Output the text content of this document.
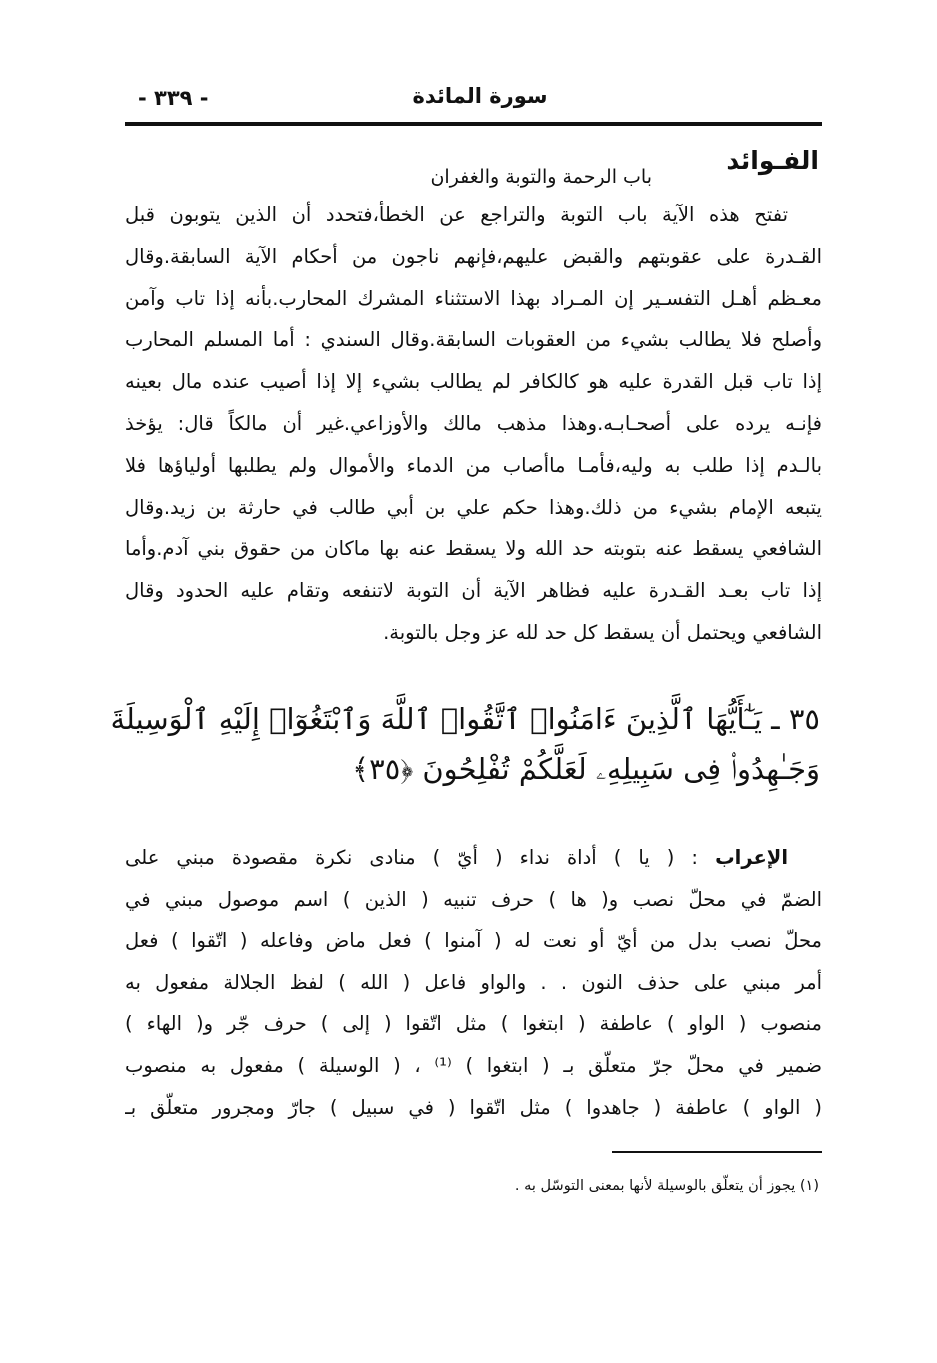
سورة المائدة
- ٣٣٩ -
الفـوائد
باب الرحمة والتوبة والغفران
تفتح هذه الآية باب التوبة والتراجع عن الخطأ،فتحدد أن الذين يتوبون قبل
القـدرة على عقوبتهم والقبض عليهم،فإنهم ناجون من أحكام الآية السابقة.وقال
معـظم أهـل التفسـير إن المـراد بهذا الاستثناء المشرك المحارب.بأنه إذا تاب وآمن
وأصلح فلا يطالب بشيء من العقوبات السابقة.وقال السندي : أما المسلم المحارب
إذا تاب قبل القدرة عليه هو كالكافر لم يطالب بشيء إلا إذا أصيب عنده مال بعينه
فإنـه يرده على أصحـابـه.وهذا مذهب مالك والأوزاعي.غير أن مالكاً قال: يؤخذ
بالـدم إذا طلب به وليه،فأمـا ماأصاب من الدماء والأموال ولم يطلبها أولياؤها فلا
يتبعه الإمام بشيء من ذلك.وهذا حكم علي بن أبي طالب في حارثة بن زيد.وقال
الشافعي يسقط عنه بتوبته حد الله ولا يسقط عنه بها ماكان من حقوق بني آدم.وأما
إذا تاب بعـد القـدرة عليه فظاهر الآية أن التوبة لاتنفعه وتقام عليه الحدود وقال
الشافعي ويحتمل أن يسقط كل حد لله عز وجل بالتوبة.
٣٥ ـ يَـٰٓأَيُّهَا ٱلَّذِينَ ءَامَنُوا۟ ٱتَّقُوا۟ ٱللَّهَ وَٱبْتَغُوٓا۟ إِلَيْهِ ٱلْوَسِيلَةَ
وَجَـٰهِدُوا۟ فِى سَبِيلِهِۦ لَعَلَّكُمْ تُفْلِحُونَ ﴿٣٥﴾
الإعراب : ( يا ) أداة نداء ( أيّ ) منادى نكرة مقصودة مبني على
الضمّ في محلّ نصب و( ها ) حرف تنبيه ( الذين ) اسم موصول مبني في
محلّ نصب بدل من أيّ أو نعت له ( آمنوا ) فعل ماض وفاعله ( اتّقوا ) فعل
أمر مبني على حذف النون . . والواو فاعل ( الله ) لفظ الجلالة مفعول به
منصوب ( الواو ) عاطفة ( ابتغوا ) مثل اتّقوا ( إلى ) حرف جّر و( الهاء )
ضمير في محلّ جرّ متعلّق بـ ( ابتغوا ) ⁽¹⁾ ، ( الوسيلة ) مفعول به منصوب
( الواو ) عاطفة ( جاهدوا ) مثل اتّقوا ( في سبيل ) جارّ ومجرور متعلّق بـ
(١) يجوز أن يتعلّق بالوسيلة لأنها بمعنى التوسّل به .
